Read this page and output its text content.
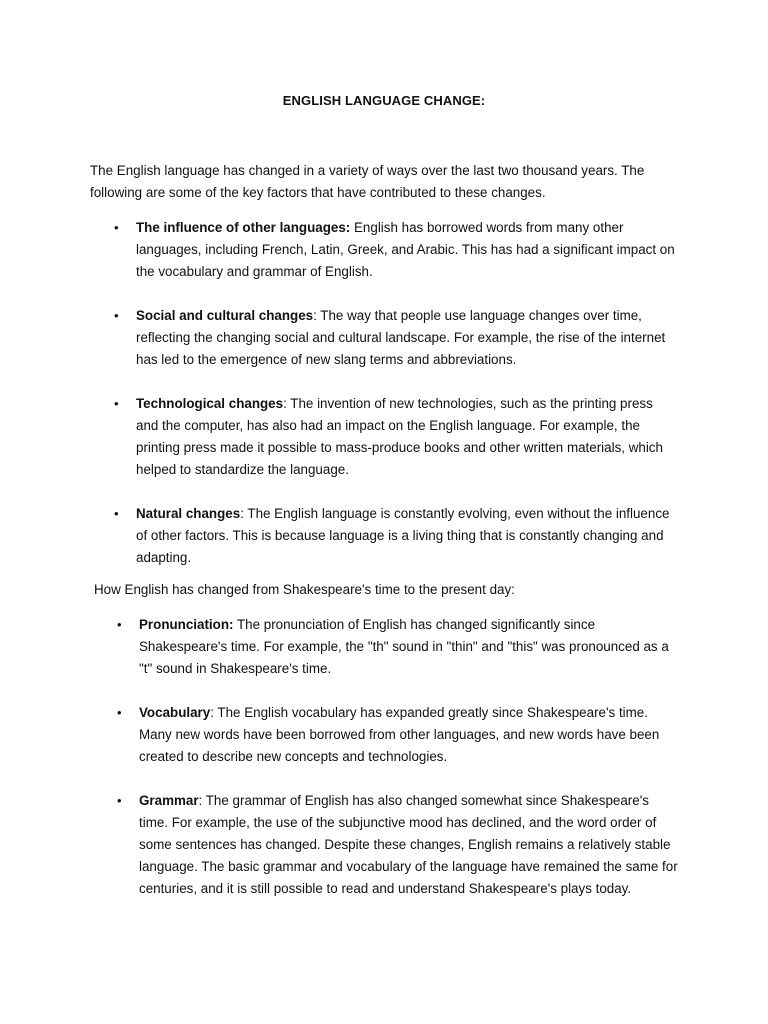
ENGLISH LANGUAGE CHANGE:

The English language has changed in a variety of ways over the last two thousand years. The following are some of the key factors that have contributed to these changes.

• The influence of other languages: English has borrowed words from many other languages, including French, Latin, Greek, and Arabic. This has had a significant impact on the vocabulary and grammar of English.
• Social and cultural changes: The way that people use language changes over time, reflecting the changing social and cultural landscape. For example, the rise of the internet has led to the emergence of new slang terms and abbreviations.
• Technological changes: The invention of new technologies, such as the printing press and the computer, has also had an impact on the English language. For example, the printing press made it possible to mass-produce books and other written materials, which helped to standardize the language.
• Natural changes: The English language is constantly evolving, even without the influence of other factors. This is because language is a living thing that is constantly changing and adapting.

How English has changed from Shakespeare's time to the present day:

• Pronunciation: The pronunciation of English has changed significantly since Shakespeare's time. For example, the "th" sound in "thin" and "this" was pronounced as a "t" sound in Shakespeare's time.
• Vocabulary: The English vocabulary has expanded greatly since Shakespeare's time. Many new words have been borrowed from other languages, and new words have been created to describe new concepts and technologies.
• Grammar: The grammar of English has also changed somewhat since Shakespeare's time. For example, the use of the subjunctive mood has declined, and the word order of some sentences has changed. Despite these changes, English remains a relatively stable language. The basic grammar and vocabulary of the language have remained the same for centuries, and it is still possible to read and understand Shakespeare's plays today.
